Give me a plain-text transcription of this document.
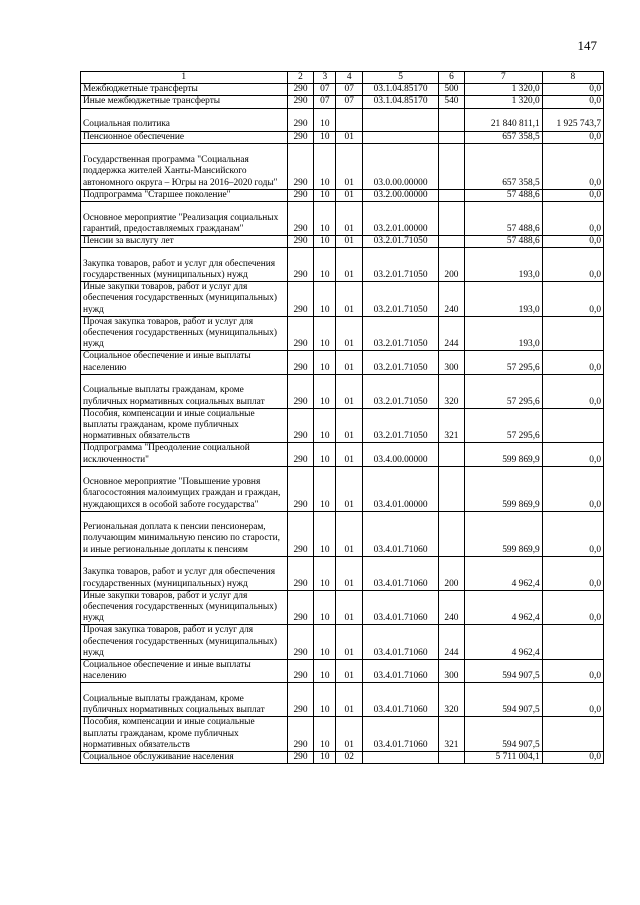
147
1	2	3	4	5	6	7	8
Межбюджетные трансферты	290	07	07	03.1.04.85170	500	1 320,0	0,0
Иные межбюджетные трансферты	290	07	07	03.1.04.85170	540	1 320,0	0,0
Социальная политика	290	10				21 840 811,1	1 925 743,7
Пенсионное обеспечение	290	10	01			657 358,5	0,0
Государственная программа "Социальная поддержка жителей Ханты-Мансийского автономного округа – Югры на 2016–2020 годы"	290	10	01	03.0.00.00000		657 358,5	0,0
Подпрограмма "Старшее поколение"	290	10	01	03.2.00.00000		57 488,6	0,0
Основное мероприятие "Реализация социальных гарантий, предоставляемых гражданам"	290	10	01	03.2.01.00000		57 488,6	0,0
Пенсии за выслугу лет	290	10	01	03.2.01.71050		57 488,6	0,0
Закупка товаров, работ и услуг для обеспечения государственных (муниципальных) нужд	290	10	01	03.2.01.71050	200	193,0	0,0
Иные закупки товаров, работ и услуг для обеспечения государственных (муниципальных) нужд	290	10	01	03.2.01.71050	240	193,0	0,0
Прочая закупка товаров, работ и услуг для обеспечения государственных (муниципальных) нужд	290	10	01	03.2.01.71050	244	193,0	
Социальное обеспечение и иные выплаты населению	290	10	01	03.2.01.71050	300	57 295,6	0,0
Социальные выплаты гражданам, кроме публичных нормативных социальных выплат	290	10	01	03.2.01.71050	320	57 295,6	0,0
Пособия, компенсации и иные социальные выплаты гражданам, кроме публичных нормативных обязательств	290	10	01	03.2.01.71050	321	57 295,6	
Подпрограмма "Преодоление социальной исключенности"	290	10	01	03.4.00.00000		599 869,9	0,0
Основное мероприятие "Повышение уровня благосостояния малоимущих граждан и граждан, нуждающихся в особой заботе государства"	290	10	01	03.4.01.00000		599 869,9	0,0
Региональная доплата к пенсии пенсионерам, получающим минимальную пенсию по старости, и иные региональные доплаты к пенсиям	290	10	01	03.4.01.71060		599 869,9	0,0
Закупка товаров, работ и услуг для обеспечения государственных (муниципальных) нужд	290	10	01	03.4.01.71060	200	4 962,4	0,0
Иные закупки товаров, работ и услуг для обеспечения государственных (муниципальных) нужд	290	10	01	03.4.01.71060	240	4 962,4	0,0
Прочая закупка товаров, работ и услуг для обеспечения государственных (муниципальных) нужд	290	10	01	03.4.01.71060	244	4 962,4	
Социальное обеспечение и иные выплаты населению	290	10	01	03.4.01.71060	300	594 907,5	0,0
Социальные выплаты гражданам, кроме публичных нормативных социальных выплат	290	10	01	03.4.01.71060	320	594 907,5	0,0
Пособия, компенсации и иные социальные выплаты гражданам, кроме публичных нормативных обязательств	290	10	01	03.4.01.71060	321	594 907,5	
Социальное обслуживание населения	290	10	02			5 711 004,1	0,0
